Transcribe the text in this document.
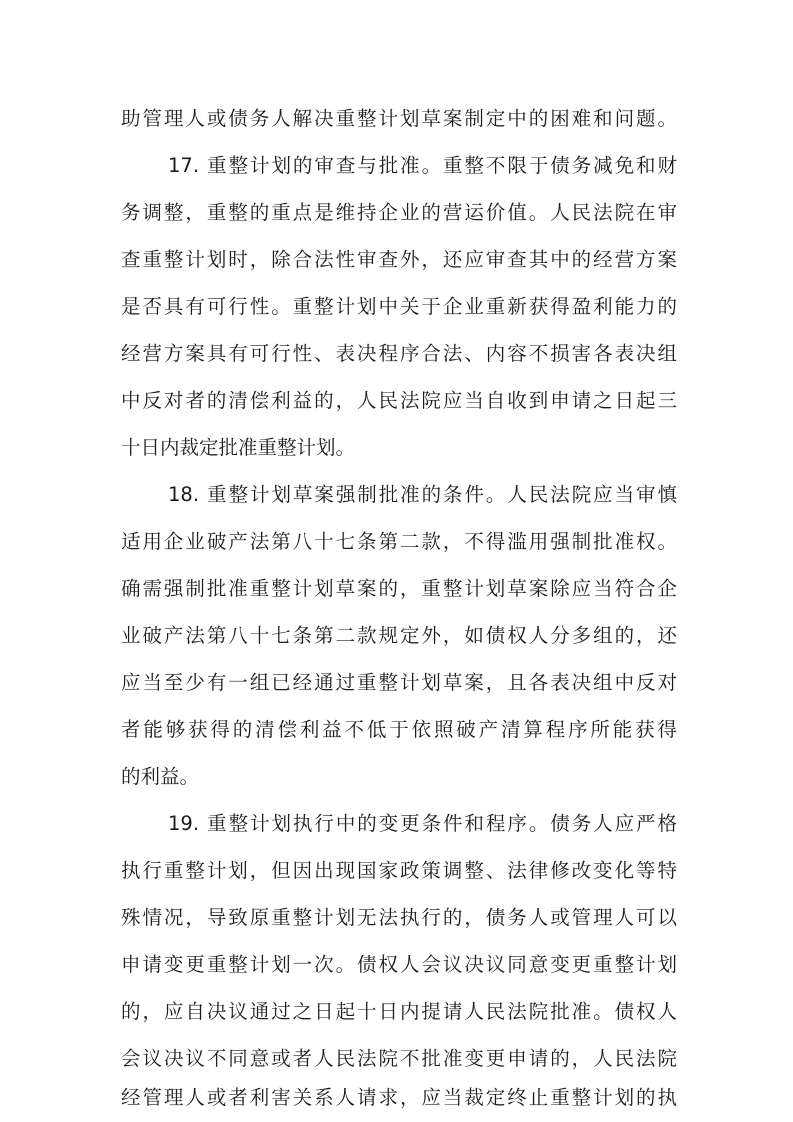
助管理人或债务人解决重整计划草案制定中的困难和问题。
17. 重整计划的审查与批准。重整不限于债务减免和财
务调整，重整的重点是维持企业的营运价值。人民法院在审
查重整计划时，除合法性审查外，还应审查其中的经营方案
是否具有可行性。重整计划中关于企业重新获得盈利能力的
经营方案具有可行性、表决程序合法、内容不损害各表决组
中反对者的清偿利益的，人民法院应当自收到申请之日起三
十日内裁定批准重整计划。
18. 重整计划草案强制批准的条件。人民法院应当审慎
适用企业破产法第八十七条第二款，不得滥用强制批准权。
确需强制批准重整计划草案的，重整计划草案除应当符合企
业破产法第八十七条第二款规定外，如债权人分多组的，还
应当至少有一组已经通过重整计划草案，且各表决组中反对
者能够获得的清偿利益不低于依照破产清算程序所能获得
的利益。
19. 重整计划执行中的变更条件和程序。债务人应严格
执行重整计划，但因出现国家政策调整、法律修改变化等特
殊情况，导致原重整计划无法执行的，债务人或管理人可以
申请变更重整计划一次。债权人会议决议同意变更重整计划
的，应自决议通过之日起十日内提请人民法院批准。债权人
会议决议不同意或者人民法院不批准变更申请的，人民法院
经管理人或者利害关系人请求，应当裁定终止重整计划的执
